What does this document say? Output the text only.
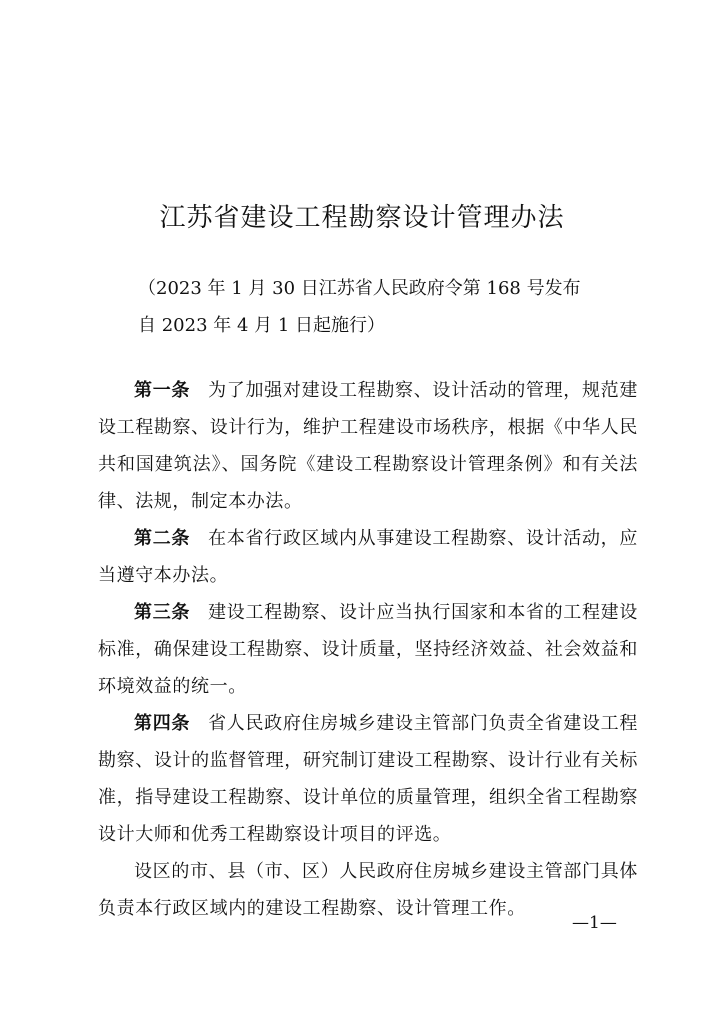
江苏省建设工程勘察设计管理办法
（2023 年 1 月 30 日江苏省人民政府令第 168 号发布
自 2023 年 4 月 1 日起施行）

第一条 为了加强对建设工程勘察、设计活动的管理，规范建设工程勘察、设计行为，维护工程建设市场秩序，根据《中华人民共和国建筑法》、国务院《建设工程勘察设计管理条例》和有关法律、法规，制定本办法。

第二条 在本省行政区域内从事建设工程勘察、设计活动，应当遵守本办法。

第三条 建设工程勘察、设计应当执行国家和本省的工程建设标准，确保建设工程勘察、设计质量，坚持经济效益、社会效益和环境效益的统一。

第四条 省人民政府住房城乡建设主管部门负责全省建设工程勘察、设计的监督管理，研究制订建设工程勘察、设计行业有关标准，指导建设工程勘察、设计单位的质量管理，组织全省工程勘察设计大师和优秀工程勘察设计项目的评选。

设区的市、县（市、区）人民政府住房城乡建设主管部门具体负责本行政区域内的建设工程勘察、设计管理工作。

—1—
